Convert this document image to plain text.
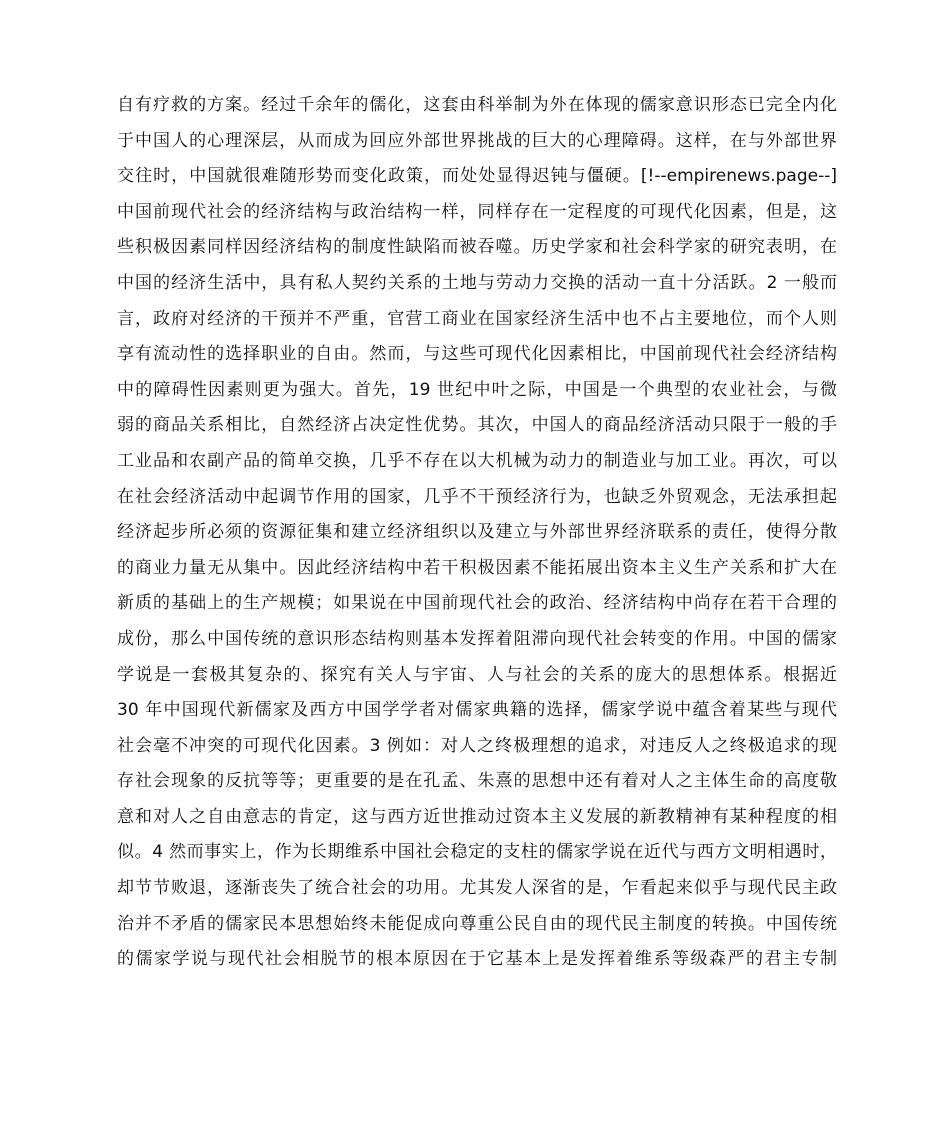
自有疗救的方案。经过千余年的儒化，这套由科举制为外在体现的儒家意识形态已完全内化
于中国人的心理深层，从而成为回应外部世界挑战的巨大的心理障碍。这样，在与外部世界
交往时，中国就很难随形势而变化政策，而处处显得迟钝与僵硬。[!--empirenews.page--]
中国前现代社会的经济结构与政治结构一样，同样存在一定程度的可现代化因素，但是，这
些积极因素同样因经济结构的制度性缺陷而被吞噬。历史学家和社会科学家的研究表明，在
中国的经济生活中，具有私人契约关系的土地与劳动力交换的活动一直十分活跃。2 一般而
言，政府对经济的干预并不严重，官营工商业在国家经济生活中也不占主要地位，而个人则
享有流动性的选择职业的自由。然而，与这些可现代化因素相比，中国前现代社会经济结构
中的障碍性因素则更为强大。首先，19 世纪中叶之际，中国是一个典型的农业社会，与微
弱的商品关系相比，自然经济占决定性优势。其次，中国人的商品经济活动只限于一般的手
工业品和农副产品的简单交换，几乎不存在以大机械为动力的制造业与加工业。再次，可以
在社会经济活动中起调节作用的国家，几乎不干预经济行为，也缺乏外贸观念，无法承担起
经济起步所必须的资源征集和建立经济组织以及建立与外部世界经济联系的责任，使得分散
的商业力量无从集中。因此经济结构中若干积极因素不能拓展出资本主义生产关系和扩大在
新质的基础上的生产规模；如果说在中国前现代社会的政治、经济结构中尚存在若干合理的
成份，那么中国传统的意识形态结构则基本发挥着阻滞向现代社会转变的作用。中国的儒家
学说是一套极其复杂的、探究有关人与宇宙、人与社会的关系的庞大的思想体系。根据近
30 年中国现代新儒家及西方中国学学者对儒家典籍的选择，儒家学说中蕴含着某些与现代
社会毫不冲突的可现代化因素。3 例如：对人之终极理想的追求，对违反人之终极追求的现
存社会现象的反抗等等；更重要的是在孔孟、朱熹的思想中还有着对人之主体生命的高度敬
意和对人之自由意志的肯定，这与西方近世推动过资本主义发展的新教精神有某种程度的相
似。4 然而事实上，作为长期维系中国社会稳定的支柱的儒家学说在近代与西方文明相遇时，
却节节败退，逐渐丧失了统合社会的功用。尤其发人深省的是，乍看起来似乎与现代民主政
治并不矛盾的儒家民本思想始终未能促成向尊重公民自由的现代民主制度的转换。中国传统
的儒家学说与现代社会相脱节的根本原因在于它基本上是发挥着维系等级森严的君主专制
